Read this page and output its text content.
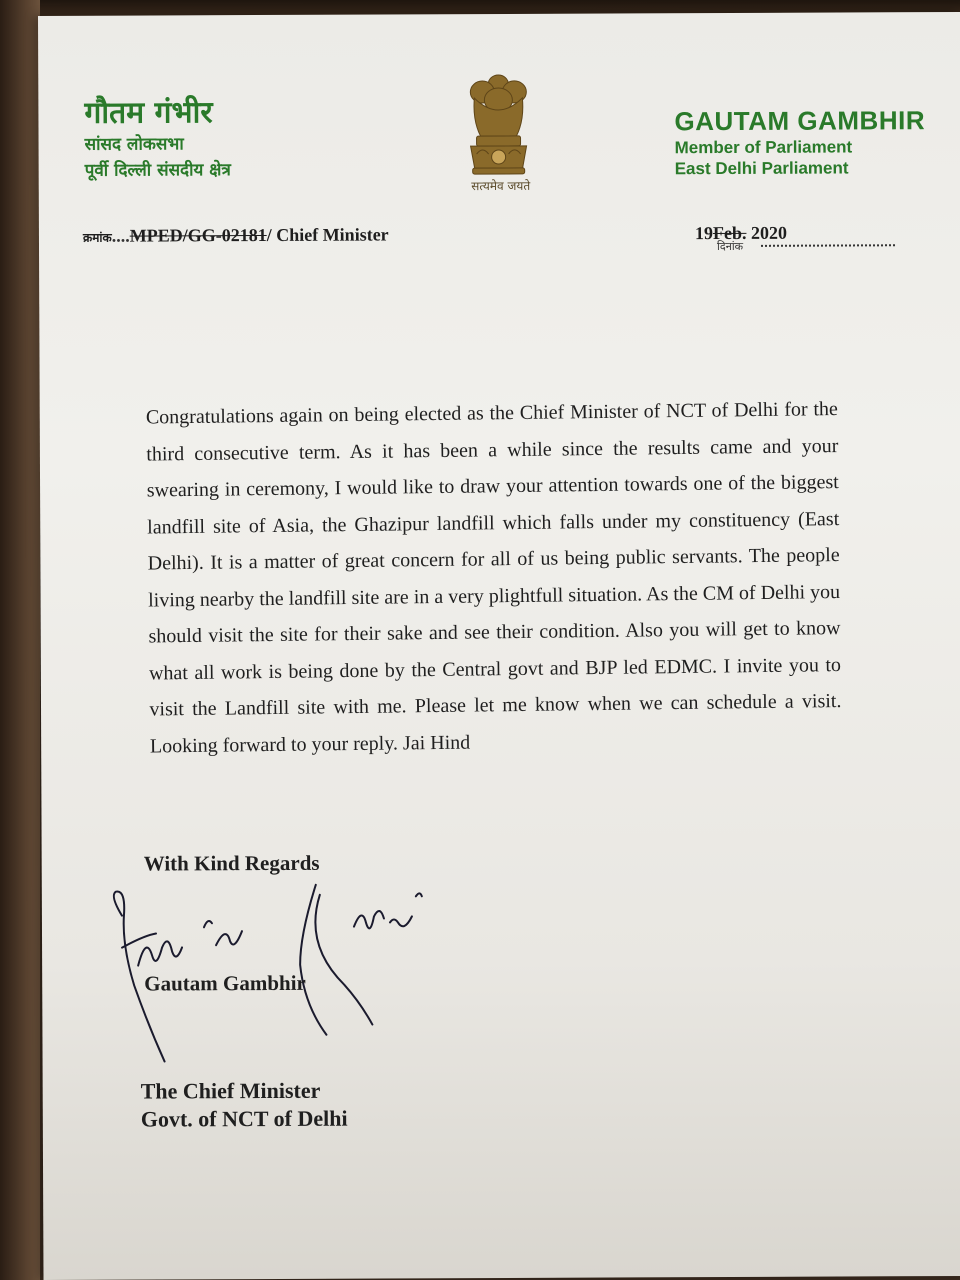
गौतम गंभीर
सांसद लोकसभा
पूर्वी दिल्ली संसदीय क्षेत्र
सत्यमेव जयते
GAUTAM GAMBHIR
Member of Parliament
East Delhi Parliament
क्रमांक....MPED/GG-02181/ Chief Minister	19Feb. 2020
दिनांक
Congratulations again on being elected as the Chief Minister of NCT of Delhi for the third consecutive term. As it has been a while since the results came and your swearing in ceremony, I would like to draw your attention towards one of the biggest landfill site of Asia, the Ghazipur landfill which falls under my constituency (East Delhi). It is a matter of great concern for all of us being public servants. The people living nearby the landfill site are in a very plightfull situation. As the CM of Delhi you should visit the site for their sake and see their condition. Also you will get to know what all work is being done by the Central govt and BJP led EDMC. I invite you to visit the Landfill site with me. Please let me know when we can schedule a visit. Looking forward to your reply. Jai Hind
With Kind Regards
Gautam Gambhir
The Chief Minister
Govt. of NCT of Delhi
